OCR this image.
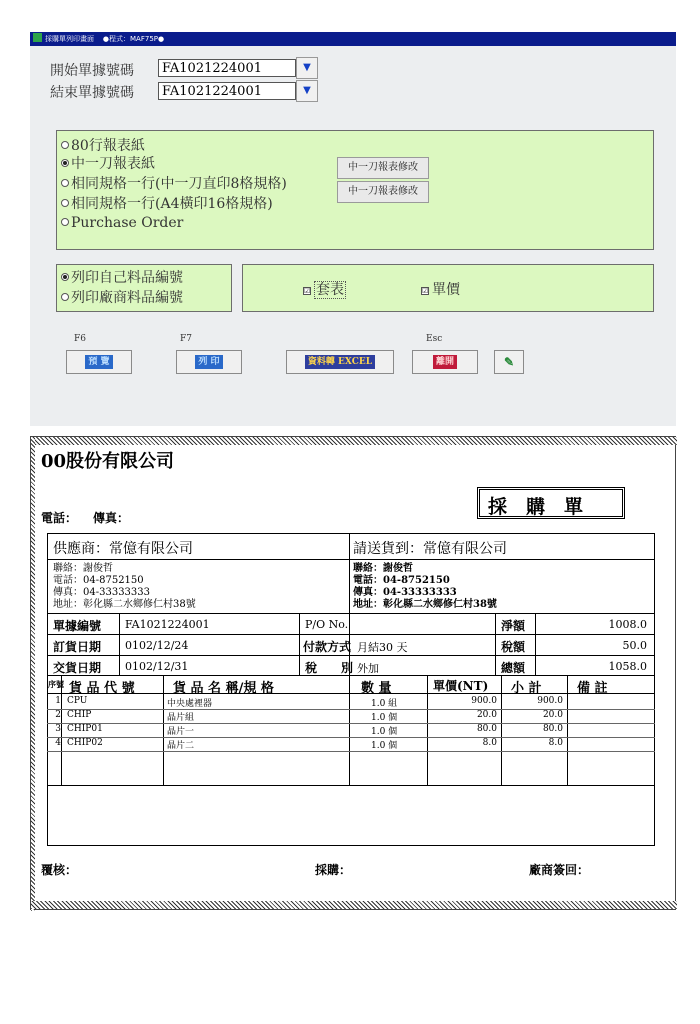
採購單列印畫面 ●程式：MAF75P●
開始單據號碼	FA1021224001	▼
結束單據號碼	FA1021224001	▼
80行報表紙
中一刀報表紙
相同規格一行(中一刀直印8格規格)
相同規格一行(A4橫印16格規格)
Purchase Order
中一刀報表修改
中一刀報表修改
列印自己料品編號
列印廠商料品編號	☑ 套表	☑ 單價
F6
預 覽
F7
列 印	資料轉 EXCEL
Esc
離開	✎
00股份有限公司
電話： 傳真：	採　購　單
供應商：常億有限公司	請送貨到：常億有限公司
聯絡：謝俊哲
電話：04-8752150
傳真：04-33333333
地址：彰化縣二水鄉修仁村38號
聯絡：謝俊哲
電話：04-8752150
傳真：04-33333333
地址：彰化縣二水鄉修仁村38號
單據編號 FA1021224001	P/O No.	淨額	1008.0
訂貨日期 0102/12/24	付款方式 月結30 天	稅額	50.0
交貨日期 0102/12/31	稅　　別 外加	總額	1058.0
序號 貨 品 代 號	貨 品 名 稱/規 格	數 量	單價(NT) 小 計	備 註
1 CPU	中央處裡器	1.0 組	900.0	900.0
2 CHIP	晶片組	1.0 個	20.0	20.0
3 CHIP01	晶片一	1.0 個	80.0	80.0
4 CHIP02	晶片二	1.0 個	8.0	8.0
覆核：	採購：	廠商簽回：
